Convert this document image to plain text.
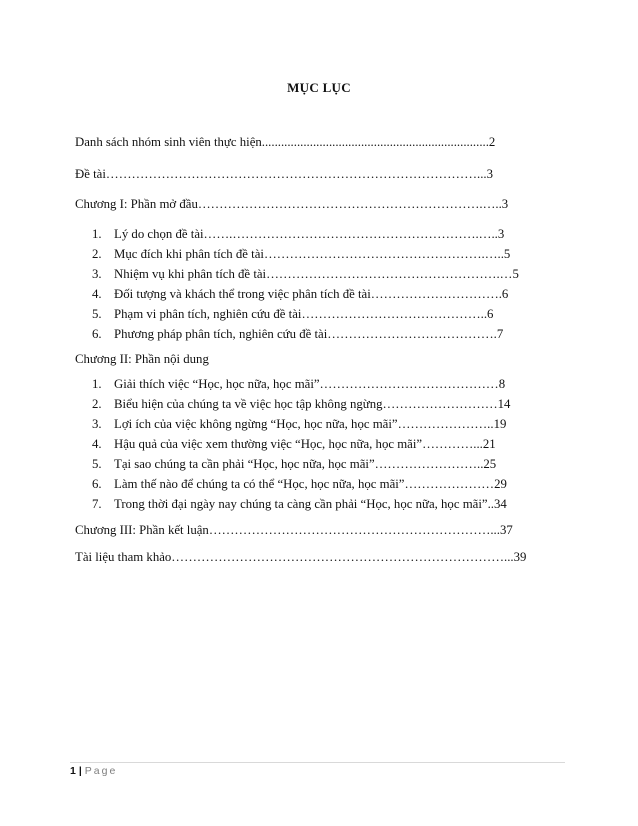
MỤC LỤC
Danh sách nhóm sinh viên thực hiện.......................................................................2
Đề tài……………………………………………………………………………...3
Chương I: Phần mở đầu………………………………………………………….…..3
1. Lý do chọn đề tài…….………………………………………………….…..3
2. Mục đích khi phân tích đề tài…………………………………………….…..5
3. Nhiệm vụ khi phân tích đề tài……………………………………………….…5
4. Đối tượng và khách thể trong việc phân tích đề tài………………………….6
5. Phạm vi phân tích, nghiên cứu đề tài……………………………………..6
6. Phương pháp phân tích, nghiên cứu đề tài………………………………….7
Chương II: Phần nội dung
1. Giải thích việc “Học, học nữa, học mãi”……………………………………8
2. Biểu hiện của chúng ta về việc học tập không ngừng………………………14
3. Lợi ích của việc không ngừng “Học, học nữa, học mãi”…………………..19
4. Hậu quả của việc xem thường việc “Học, học nữa, học mãi”…………...21
5. Tại sao chúng ta cần phải “Học, học nữa, học mãi”……………………..25
6. Làm thế nào để chúng ta có thể “Học, học nữa, học mãi”…………………29
7. Trong thời đại ngày nay chúng ta càng cần phải “Học, học nữa, học mãi”..34
Chương III: Phần kết luận…………………………………………………………...37
Tài liệu tham khảo……………………………………………………………………...39
1 | Page
